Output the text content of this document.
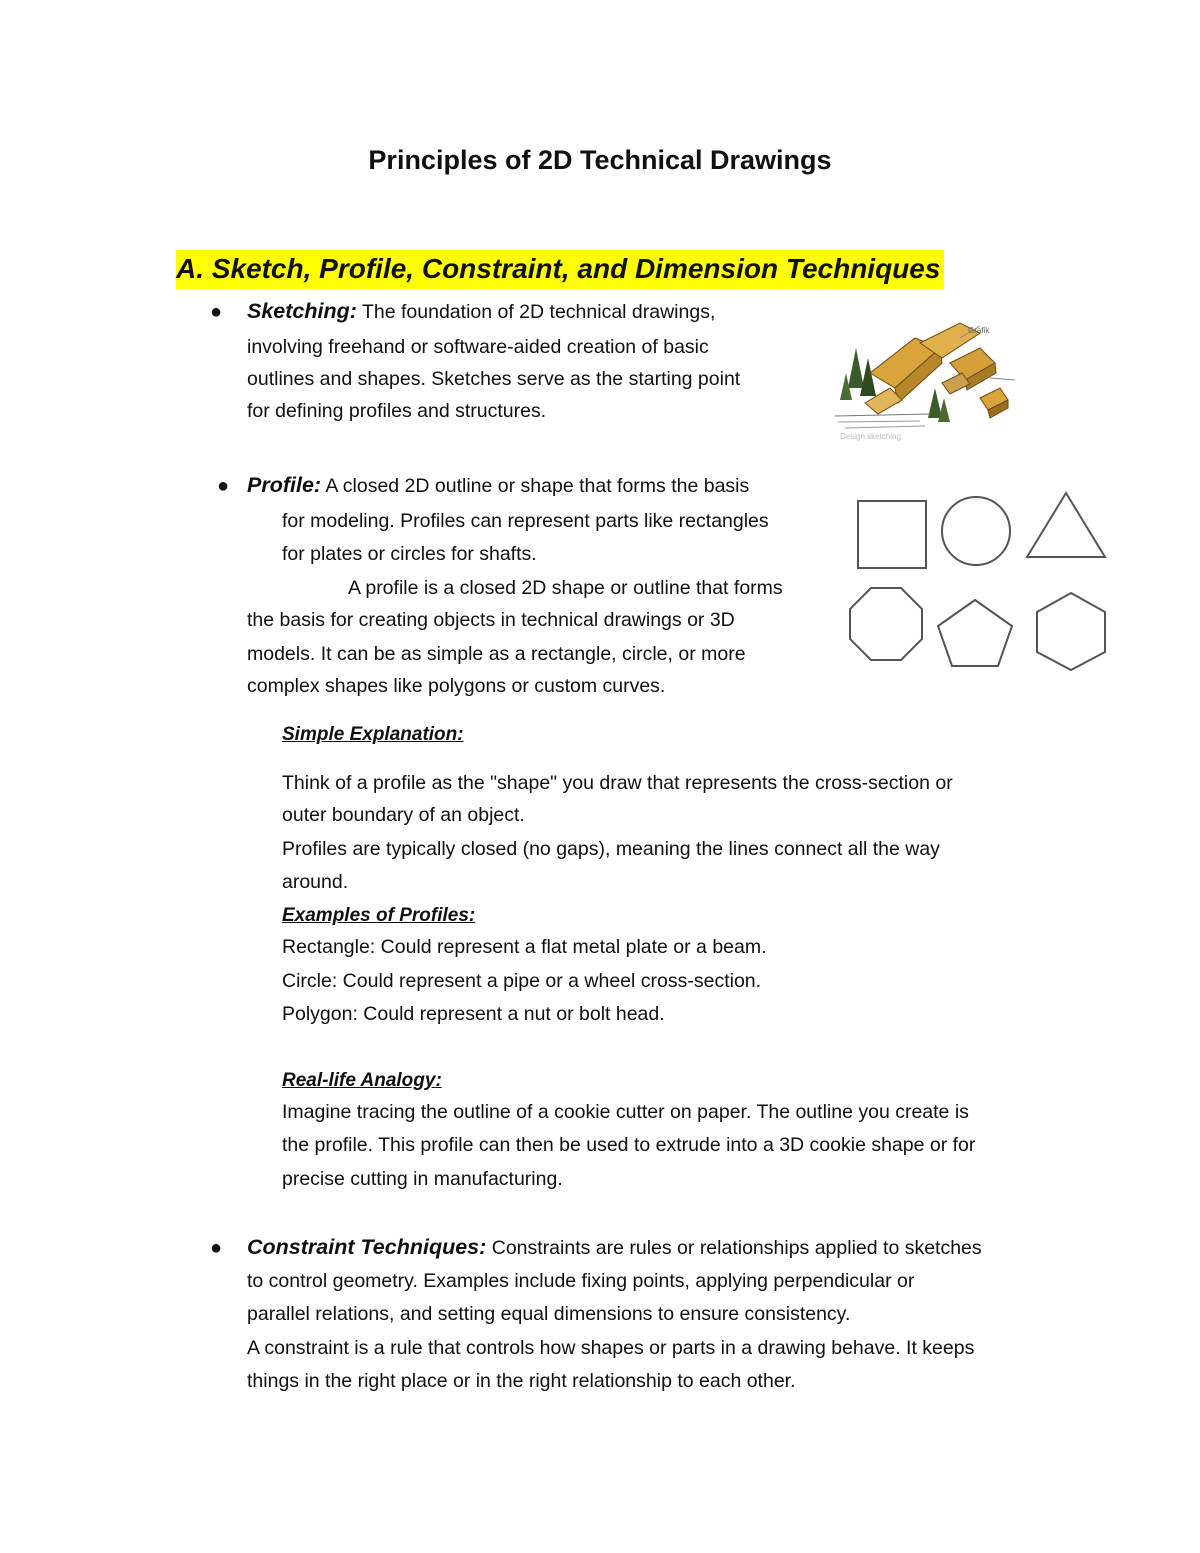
Principles of 2D Technical Drawings
A. Sketch, Profile, Constraint, and Dimension Techniques
● Sketching: The foundation of 2D technical drawings,

involving freehand or software-aided creation of basic

outlines and shapes. Sketches serve as the starting point

for defining profiles and structures.

Grafik
Design sketching
● Profile: A closed 2D outline or shape that forms the basis

for modeling. Profiles can represent parts like rectangles

for plates or circles for shafts.

A profile is a closed 2D shape or outline that forms

the basis for creating objects in technical drawings or 3D

models. It can be as simple as a rectangle, circle, or more

complex shapes like polygons or custom curves.

Simple Explanation:

Think of a profile as the "shape" you draw that represents the cross-section or

outer boundary of an object.

Profiles are typically closed (no gaps), meaning the lines connect all the way

around.

Examples of Profiles:

Rectangle: Could represent a flat metal plate or a beam.

Circle: Could represent a pipe or a wheel cross-section.

Polygon: Could represent a nut or bolt head.

Real-life Analogy:

Imagine tracing the outline of a cookie cutter on paper. The outline you create is

the profile. This profile can then be used to extrude into a 3D cookie shape or for

precise cutting in manufacturing.

● Constraint Techniques: Constraints are rules or relationships applied to sketches

to control geometry. Examples include fixing points, applying perpendicular or

parallel relations, and setting equal dimensions to ensure consistency.

A constraint is a rule that controls how shapes or parts in a drawing behave. It keeps

things in the right place or in the right relationship to each other.
